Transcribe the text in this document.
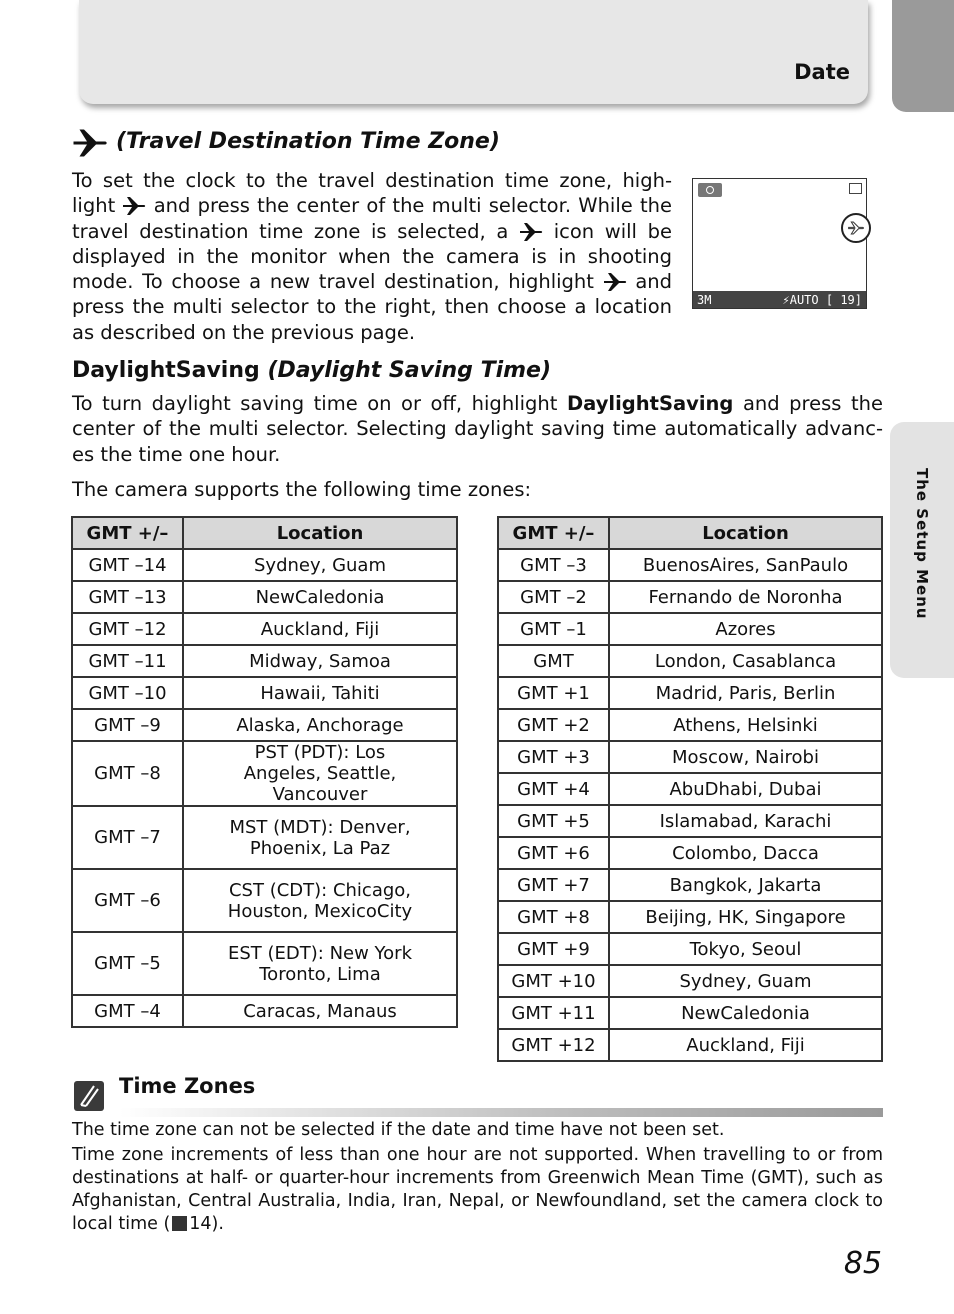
Date
The Setup Menu
(Travel Destination Time Zone)

To set the clock to the travel destination time zone, high-light and press the center of the multi selector. While the travel destination time zone is selected, a icon will be displayed in the monitor when the camera is in shooting mode. To choose a new travel destination, highlight and press the multi selector to the right, then choose a location as described on the previous page.

3M	⚡AUTO [ 19]
DaylightSaving (Daylight Saving Time)

To turn daylight saving time on or off, highlight DaylightSaving and press the center of the multi selector. Selecting daylight saving time automatically advanc-es the time one hour.

The camera supports the following time zones:

GMT +/–	Location
GMT –14	Sydney, Guam
GMT –13	NewCaledonia
GMT –12	Auckland, Fiji
GMT –11	Midway, Samoa
GMT –10	Hawaii, Tahiti
GMT –9	Alaska, Anchorage
GMT –8	PST (PDT): Los Angeles, Seattle, Vancouver
GMT –7	MST (MDT): Denver, Phoenix, La Paz
GMT –6	CST (CDT): Chicago, Houston, MexicoCity
GMT –5	EST (EDT): New York Toronto, Lima
GMT –4	Caracas, Manaus
GMT +/–	Location
GMT –3	BuenosAires, SanPaulo
GMT –2	Fernando de Noronha
GMT –1	Azores
GMT	London, Casablanca
GMT +1	Madrid, Paris, Berlin
GMT +2	Athens, Helsinki
GMT +3	Moscow, Nairobi
GMT +4	AbuDhabi, Dubai
GMT +5	Islamabad, Karachi
GMT +6	Colombo, Dacca
GMT +7	Bangkok, Jakarta
GMT +8	Beijing, HK, Singapore
GMT +9	Tokyo, Seoul
GMT +10	Sydney, Guam
GMT +11	NewCaledonia
GMT +12	Auckland, Fiji
Time Zones

The time zone can not be selected if the date and time have not been set.

Time zone increments of less than one hour are not supported. When travelling to or from destinations at half- or quarter-hour increments from Greenwich Mean Time (GMT), such as Afghanistan, Central Australia, India, Iran, Nepal, or Newfoundland, set the camera clock to local time ( 14).

85
